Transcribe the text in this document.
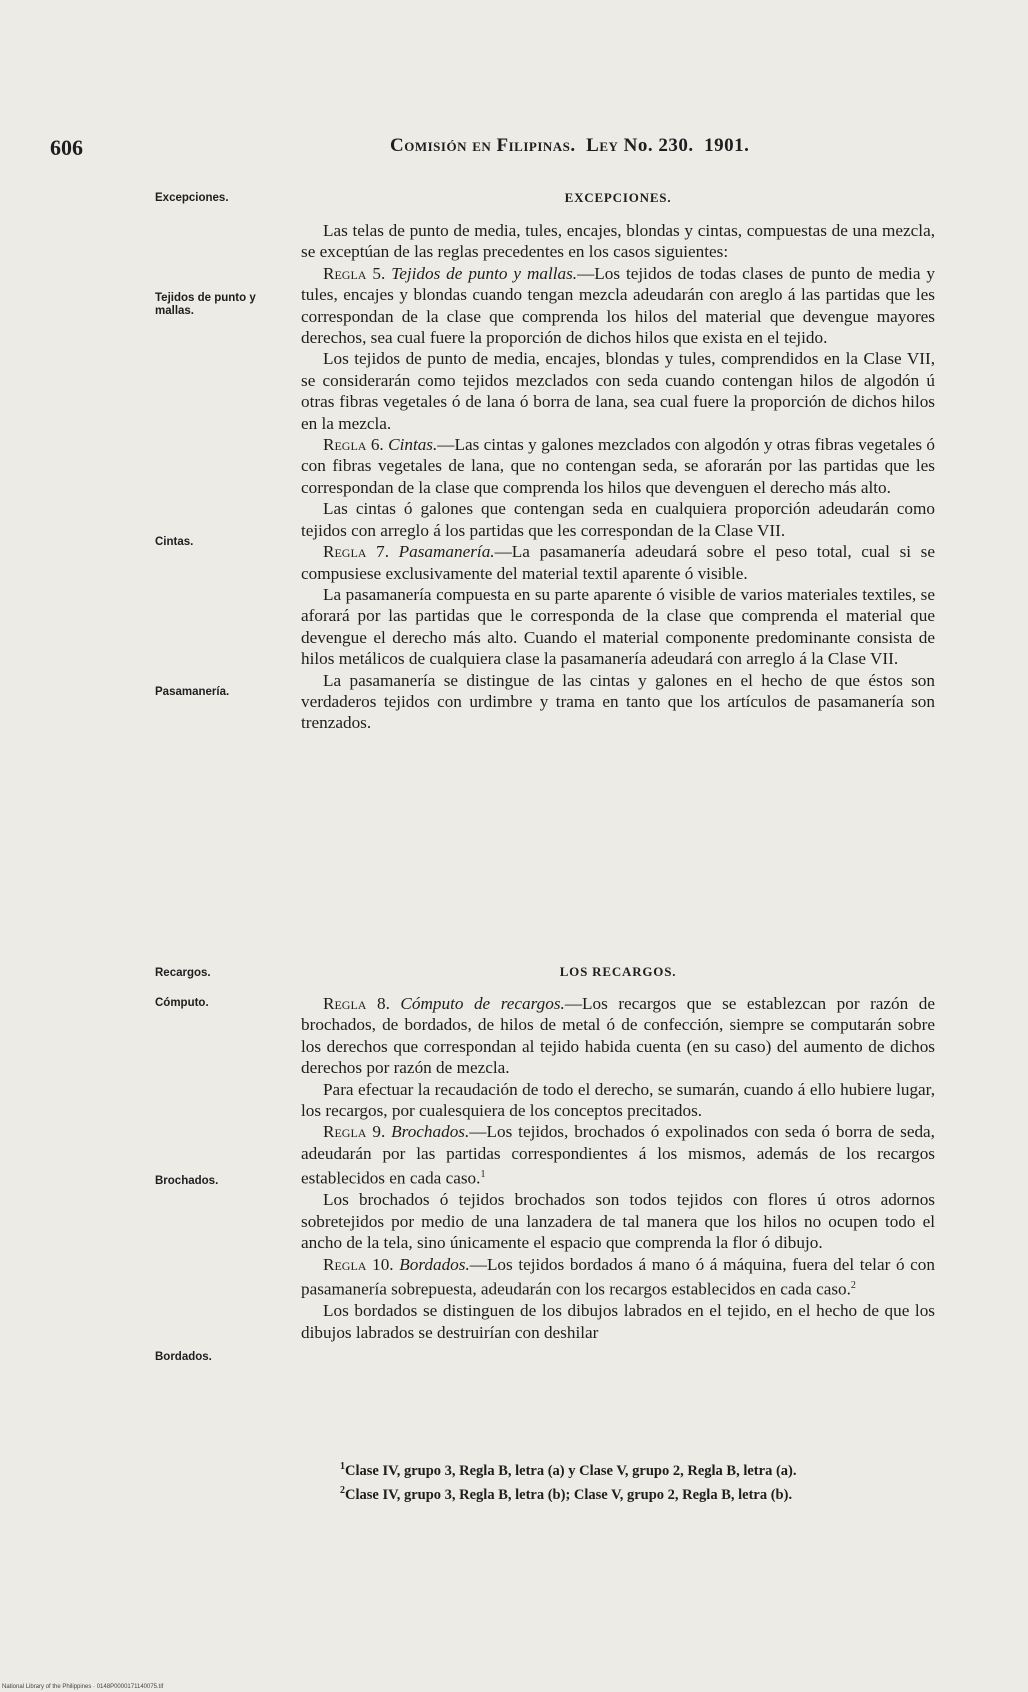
606	Comisión en Filipinas. Ley No. 230. 1901.
Excepciones.
Tejidos de punto y mallas.
Cintas.
Pasamanería.
Recargos.
Cómputo.
Brochados.
Bordados.
EXCEPCIONES.

Las telas de punto de media, tules, encajes, blondas y cintas, compuestas de una mezcla, se exceptúan de las reglas precedentes en los casos siguientes:

Regla 5. Tejidos de punto y mallas.—Los tejidos de todas clases de punto de media y tules, encajes y blondas cuando tengan mezcla adeudarán con areglo á las partidas que les correspondan de la clase que comprenda los hilos del material que devengue mayores derechos, sea cual fuere la proporción de dichos hilos que exista en el tejido.

Los tejidos de punto de media, encajes, blondas y tules, comprendidos en la Clase VII, se considerarán como tejidos mezclados con seda cuando contengan hilos de algodón ú otras fibras vegetales ó de lana ó borra de lana, sea cual fuere la proporción de dichos hilos en la mezcla.

Regla 6. Cintas.—Las cintas y galones mezclados con algodón y otras fibras vegetales ó con fibras vegetales de lana, que no contengan seda, se aforarán por las partidas que les correspondan de la clase que comprenda los hilos que devenguen el derecho más alto.

Las cintas ó galones que contengan seda en cualquiera proporción adeudarán como tejidos con arreglo á los partidas que les correspondan de la Clase VII.

Regla 7. Pasamanería.—La pasamanería adeudará sobre el peso total, cual si se compusiese exclusivamente del material textil aparente ó visible.

La pasamanería compuesta en su parte aparente ó visible de varios materiales textiles, se aforará por las partidas que le corresponda de la clase que comprenda el material que devengue el derecho más alto. Cuando el material componente predominante consista de hilos metálicos de cualquiera clase la pasamanería adeudará con arreglo á la Clase VII.

La pasamanería se distingue de las cintas y galones en el hecho de que éstos son verdaderos tejidos con urdimbre y trama en tanto que los artículos de pasamanería son trenzados.

LOS RECARGOS.

Regla 8. Cómputo de recargos.—Los recargos que se establezcan por razón de brochados, de bordados, de hilos de metal ó de confección, siempre se computarán sobre los derechos que correspondan al tejido habida cuenta (en su caso) del aumento de dichos derechos por razón de mezcla.

Para efectuar la recaudación de todo el derecho, se sumarán, cuando á ello hubiere lugar, los recargos, por cualesquiera de los conceptos precitados.

Regla 9. Brochados.—Los tejidos, brochados ó expolinados con seda ó borra de seda, adeudarán por las partidas correspondientes á los mismos, además de los recargos establecidos en cada caso.$^1$

Los brochados ó tejidos brochados son todos tejidos con flores ú otros adornos sobretejidos por medio de una lanzadera de tal manera que los hilos no ocupen todo el ancho de la tela, sino únicamente el espacio que comprenda la flor ó dibujo.

Regla 10. Bordados.—Los tejidos bordados á mano ó á máquina, fuera del telar ó con pasamanería sobrepuesta, adeudarán con los recargos establecidos en cada caso.$^2$

Los bordados se distinguen de los dibujos labrados en el tejido, en el hecho de que los dibujos labrados se destruirían con deshilar

$^1$Clase IV, grupo 3, Regla B, letra (a) y Clase V, grupo 2, Regla B, letra (a).
$^2$Clase IV, grupo 3, Regla B, letra (b); Clase V, grupo 2, Regla B, letra (b).
National Library of the Philippines · 0148P0000171140075.tif
